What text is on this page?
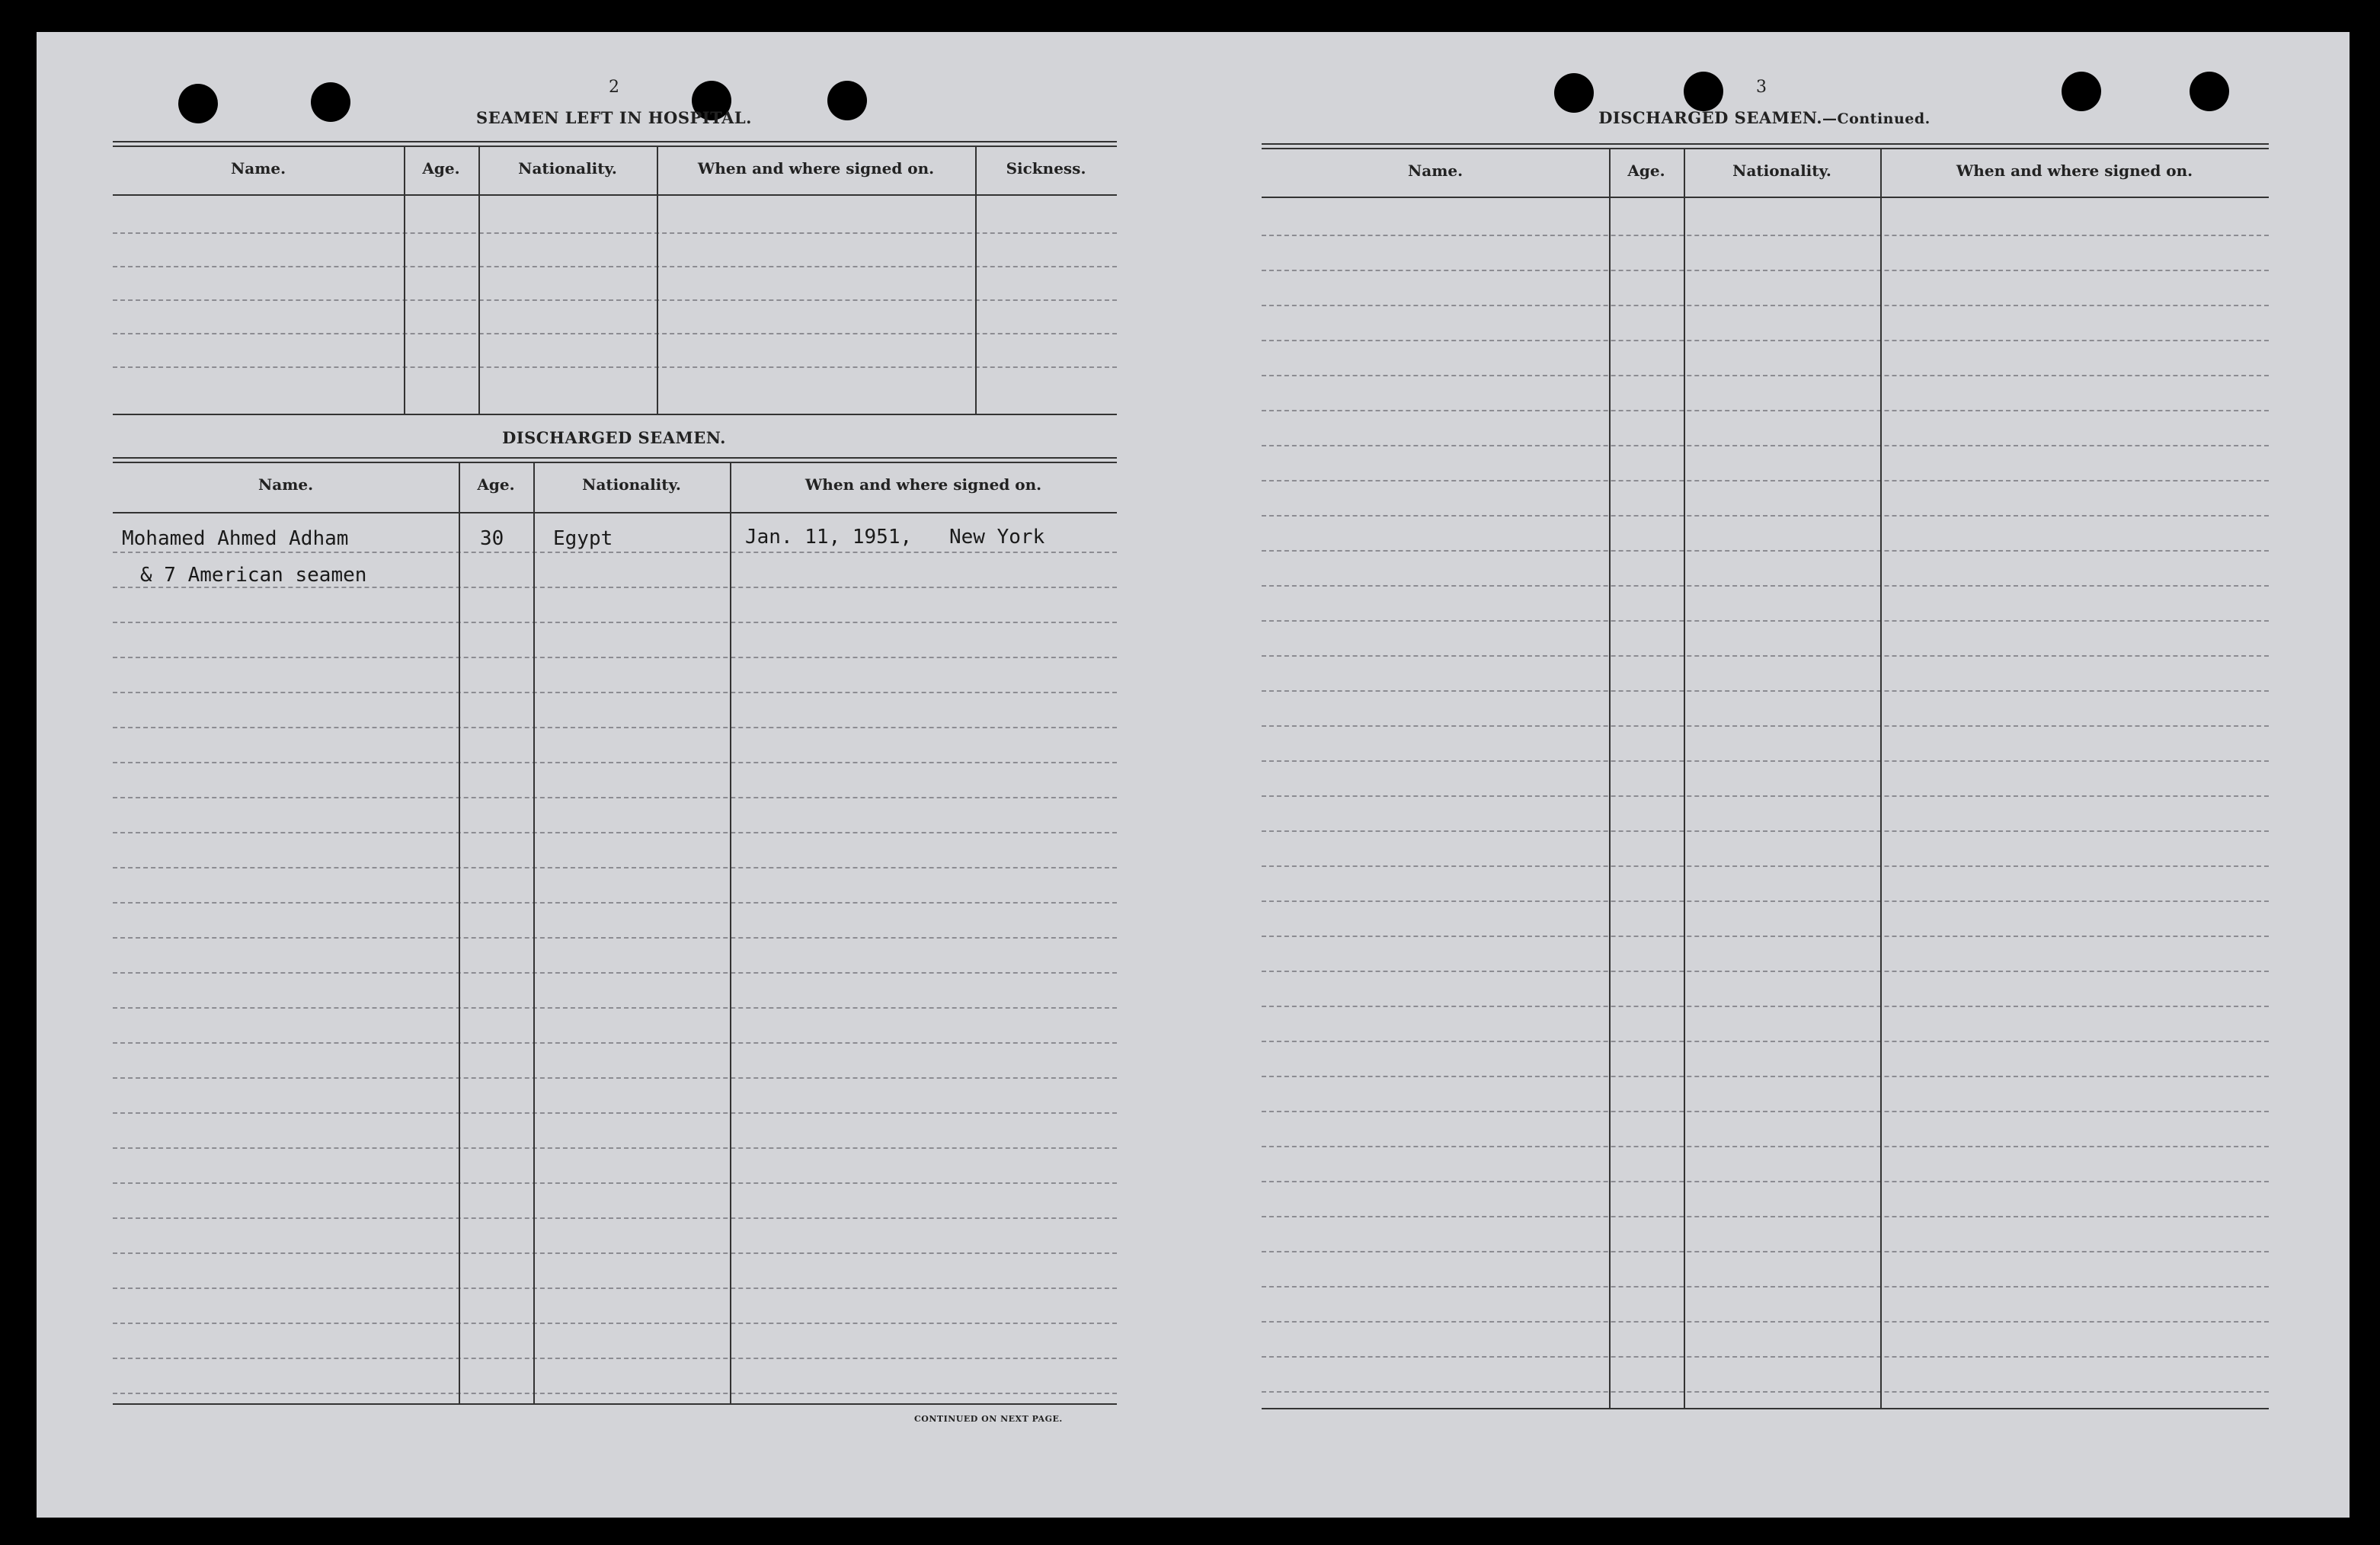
2
SEAMEN LEFT IN HOSPITAL.
Name.	Age.	Nationality.	When and where signed on.	Sickness.
DISCHARGED SEAMEN.
Name.	Age.	Nationality.	When and where signed on.
Mohamed Ahmed Adham	30 Egypt	Jan. 11, 1951, New York
& 7 American seamen
CONTINUED ON NEXT PAGE.
3
DISCHARGED SEAMEN.—Continued.
Name.	Age.	Nationality.	When and where signed on.
